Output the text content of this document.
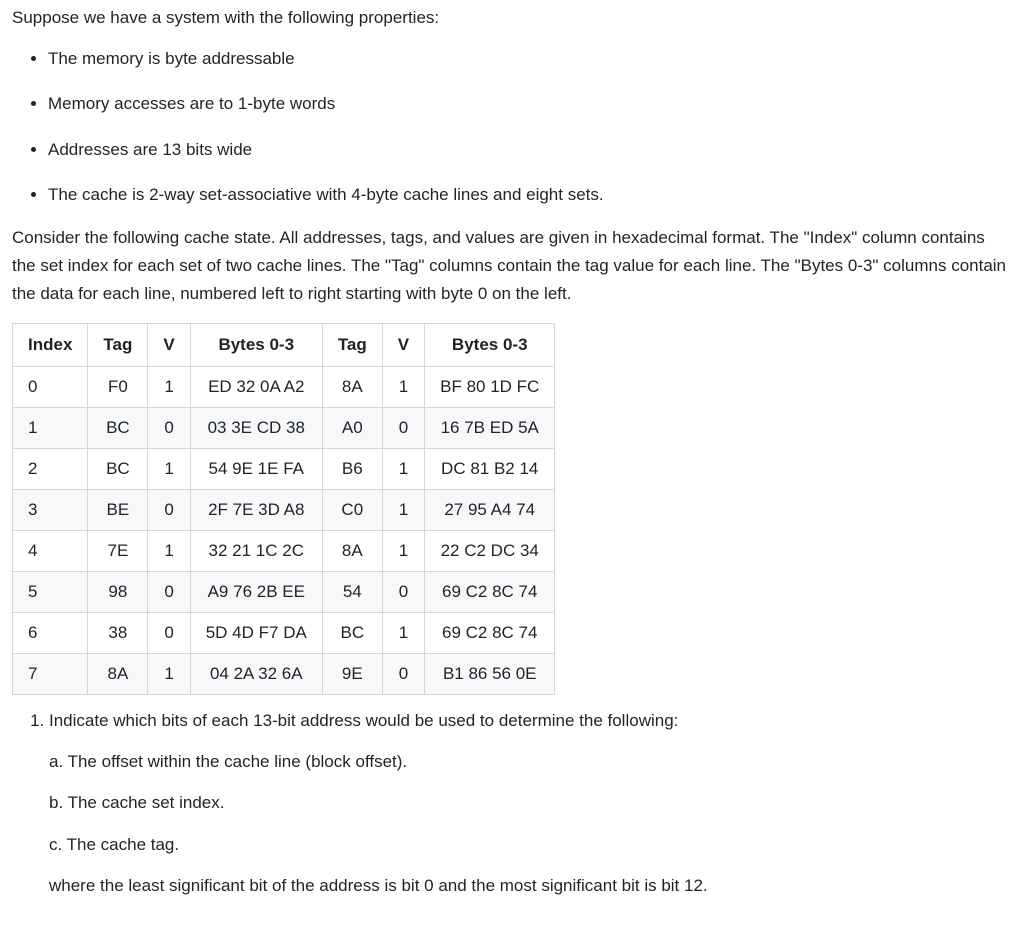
Suppose we have a system with the following properties:

• The memory is byte addressable
• Memory accesses are to 1-byte words
• Addresses are 13 bits wide
• The cache is 2-way set-associative with 4-byte cache lines and eight sets.

Consider the following cache state. All addresses, tags, and values are given in hexadecimal format. The "Index" column contains the set index for each set of two cache lines. The "Tag" columns contain the tag value for each line. The "Bytes 0-3" columns contain the data for each line, numbered left to right starting with byte 0 on the left.

Index	Tag	V	Bytes 0-3	Tag	V	Bytes 0-3
0	F0	1	ED 32 0A A2	8A	1	BF 80 1D FC
1	BC	0	03 3E CD 38	A0	0	16 7B ED 5A
2	BC	1	54 9E 1E FA	B6	1	DC 81 B2 14
3	BE	0	2F 7E 3D A8	C0	1	27 95 A4 74
4	7E	1	32 21 1C 2C	8A	1	22 C2 DC 34
5	98	0	A9 76 2B EE	54	0	69 C2 8C 74
6	38	0	5D 4D F7 DA	BC	1	69 C2 8C 74
7	8A	1	04 2A 32 6A	9E	0	B1 86 56 0E
1. Indicate which bits of each 13-bit address would be used to determine the following:

a. The offset within the cache line (block offset).

b. The cache set index.

c. The cache tag.

where the least significant bit of the address is bit 0 and the most significant bit is bit 12.
